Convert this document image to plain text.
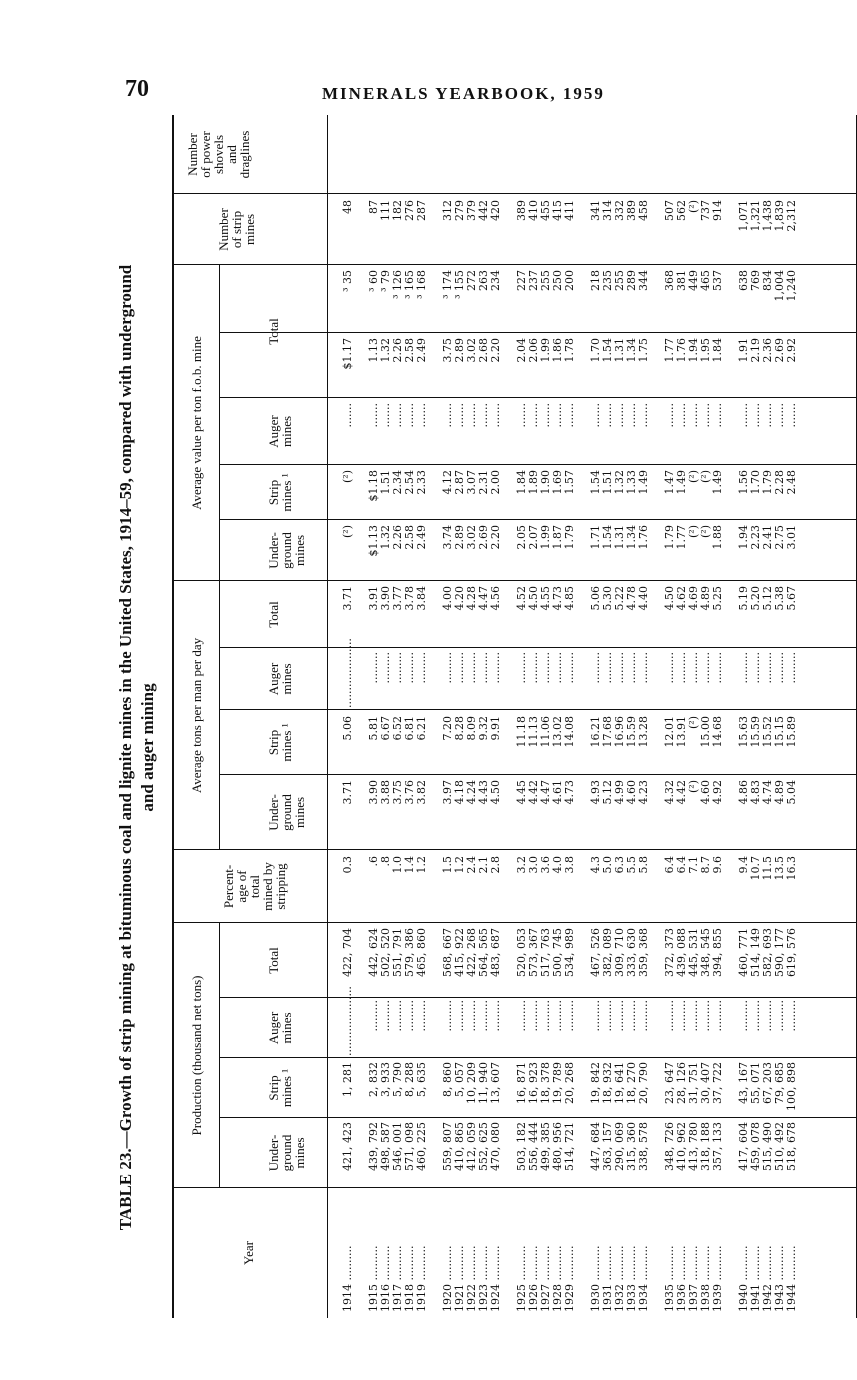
70	MINERALS YEARBOOK, 1959
TABLE 23.—Growth of strip mining at bituminous coal and lignite mines in the United States, 1914–59, compared with underground and auger mining
Year
Production (thousand net tons)
Percent-
age of
total
mined by
stripping
Average tons per man per day
Average value per ton f.o.b. mine
Number
of strip
mines
Number
of power
shovels
and
draglines
Under-
ground
mines
Strip
mines ¹
Auger
mines
Total
Under-
ground
mines
Strip
mines ¹
Auger
mines
Total
Under-
ground
mines
Strip
mines ¹
Auger
mines
Total
1914 ..........
421, 423
1, 281
....................
422, 704
0.3
3.71
5.06
....................
3.71
(²)
(²)
.......
$1.17
³ 35
48
1915 .......... 1916 .......... 1917 .......... 1918 .......... 1919 ..........
439, 792 498, 587 546, 001 571, 098 460, 225
2, 832 3, 933 5, 790 8, 288 5, 635
......... ......... ......... ......... .........
442, 624 502, 520 551, 791 579, 386 465, 860
.6 .8 1.0 1.4 1.2
3.90 3.88 3.75 3.76 3.82
5.81 6.67 6.52 6.81 6.21
......... ......... ......... ......... .........
3.91 3.90 3.77 3.78 3.84
$1.13 1.32 2.26 2.58 2.49
$1.18 1.51 2.34 2.54 2.33
....... ....... ....... ....... .......
1.13 1.32 2.26 2.58 2.49
³ 60 ³ 79 ³ 126 ³ 165 ³ 168
87 111 182 276 287
1920 .......... 1921 .......... 1922 .......... 1923 .......... 1924 ..........
559, 807 410, 865 412, 059 552, 625 470, 080
8, 860 5, 057 10, 209 11, 940 13, 607
......... ......... ......... ......... .........
568, 667 415, 922 422, 268 564, 565 483, 687
1.5 1.2 2.4 2.1 2.8
3.97 4.18 4.24 4.43 4.50
7.20 8.28 8.09 9.32 9.91
......... ......... ......... ......... .........
4.00 4.20 4.28 4.47 4.56
3.74 2.89 3.02 2.69 2.20
4.12 2.87 3.07 2.31 2.00
....... ....... ....... ....... .......
3.75 2.89 3.02 2.68 2.20
³ 174 ³ 155 272 263 234
312 279 379 442 420
1925 .......... 1926 .......... 1927 .......... 1928 .......... 1929 ..........
503, 182 556, 444 499, 385 480, 956 514, 721
16, 871 16, 923 18, 378 19, 789 20, 268
......... ......... ......... ......... .........
520, 053 573, 367 517, 763 500, 745 534, 989
3.2 3.0 3.6 4.0 3.8
4.45 4.42 4.47 4.61 4.73
11.18 11.13 11.06 13.02 14.08
......... ......... ......... ......... .........
4.52 4.50 4.55 4.73 4.85
2.05 2.07 1.99 1.87 1.79
1.84 1.89 1.90 1.69 1.57
....... ....... ....... ....... .......
2.04 2.06 1.99 1.86 1.78
227 237 255 250 200
389 410 455 415 411
1930 .......... 1931 .......... 1932 .......... 1933 .......... 1934 ..........
447, 684 363, 157 290, 069 315, 360 338, 578
19, 842 18, 932 19, 641 18, 270 20, 790
......... ......... ......... ......... .........
467, 526 382, 089 309, 710 333, 630 359, 368
4.3 5.0 6.3 5.5 5.8
4.93 5.12 4.99 4.60 4.23
16.21 17.68 16.96 15.59 13.28
......... ......... ......... ......... .........
5.06 5.30 5.22 4.78 4.40
1.71 1.54 1.31 1.34 1.76
1.54 1.51 1.32 1.33 1.49
....... ....... ....... ....... .......
1.70 1.54 1.31 1.34 1.75
218 235 255 289 344
341 314 332 389 458
1935 .......... 1936 .......... 1937 .......... 1938 .......... 1939 ..........
348, 726 410, 962 413, 780 318, 188 357, 133
23, 647 28, 126 31, 751 30, 407 37, 722
......... ......... ......... ......... .........
372, 373 439, 088 445, 531 348, 545 394, 855
6.4 6.4 7.1 8.7 9.6
4.32 4.42 (²) 4.60 4.92
12.01 13.91 (²) 15.00 14.68
......... ......... ......... ......... .........
4.50 4.62 4.69 4.89 5.25
1.79 1.77 (²) (²) 1.88
1.47 1.49 (²) (²) 1.49
....... ....... ....... ....... .......
1.77 1.76 1.94 1.95 1.84
368 381 449 465 537
507 562 (²) 737 914
1940 .......... 1941 .......... 1942 .......... 1943 .......... 1944 ..........
417, 604 459, 078 515, 490 510, 492 518, 678
43, 167 55, 071 67, 203 79, 685 100, 898
......... ......... ......... ......... .........
460, 771 514, 149 582, 693 590, 177 619, 576
9.4 10.7 11.5 13.5 16.3
4.86 4.83 4.74 4.89 5.04
15.63 15.59 15.52 15.15 15.89
......... ......... ......... ......... .........
5.19 5.20 5.12 5.38 5.67
1.94 2.23 2.41 2.75 3.01
1.56 1.70 1.79 2.28 2.48
....... ....... ....... ....... .......
1.91 2.19 2.36 2.69 2.92
638 769 834 1,004 1,240
1,071 1,321 1,438 1,839 2,312
